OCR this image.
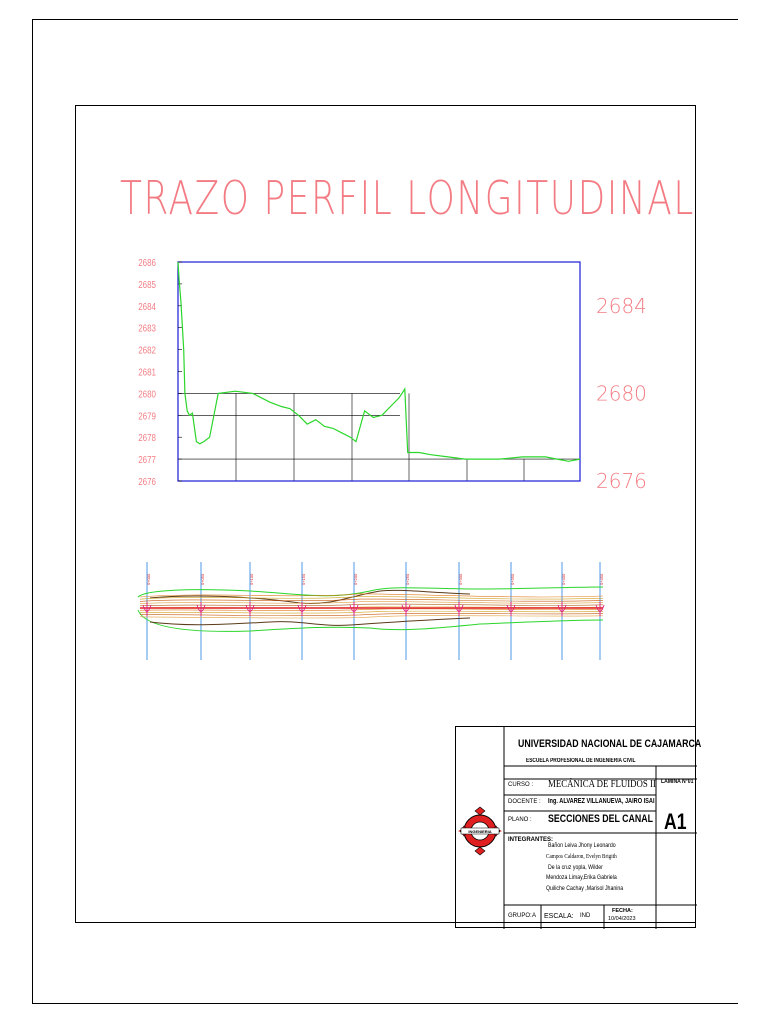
TRAZO PERFIL LONGITUDINAL
2686
2685
2684
2683
2682
2681
2680
2679
2678
2677
2676
2684
2680
2676
0+000	0+050	0+100	0+150	0+200	0+250	0+300	0+350	0+400	0+450
INGENIERIA
UNIVERSIDAD NACIONAL DE CAJAMARCA
ESCUELA PROFESIONAL DE INGENIERIA CIVIL
CURSO : MECÁNICA DE FLUIDOS II
DOCENTE : Ing. ALVAREZ VILLANUEVA, JAIRO ISAI
PLANO : SECCIONES DEL CANAL
INTEGRANTES:
Bañon Leiva Jhony Leonardo
Campos Caldaron, Evelyn Brigith
De la cruz yopla, Wilder
Mendoza Limay,Erika Gabriela
Quiliche Cachay ,Marisol Jhanina
LAMINA N°01
A1
GRUPO: A ESCALA: IND
FECHA:
10/04/2023
